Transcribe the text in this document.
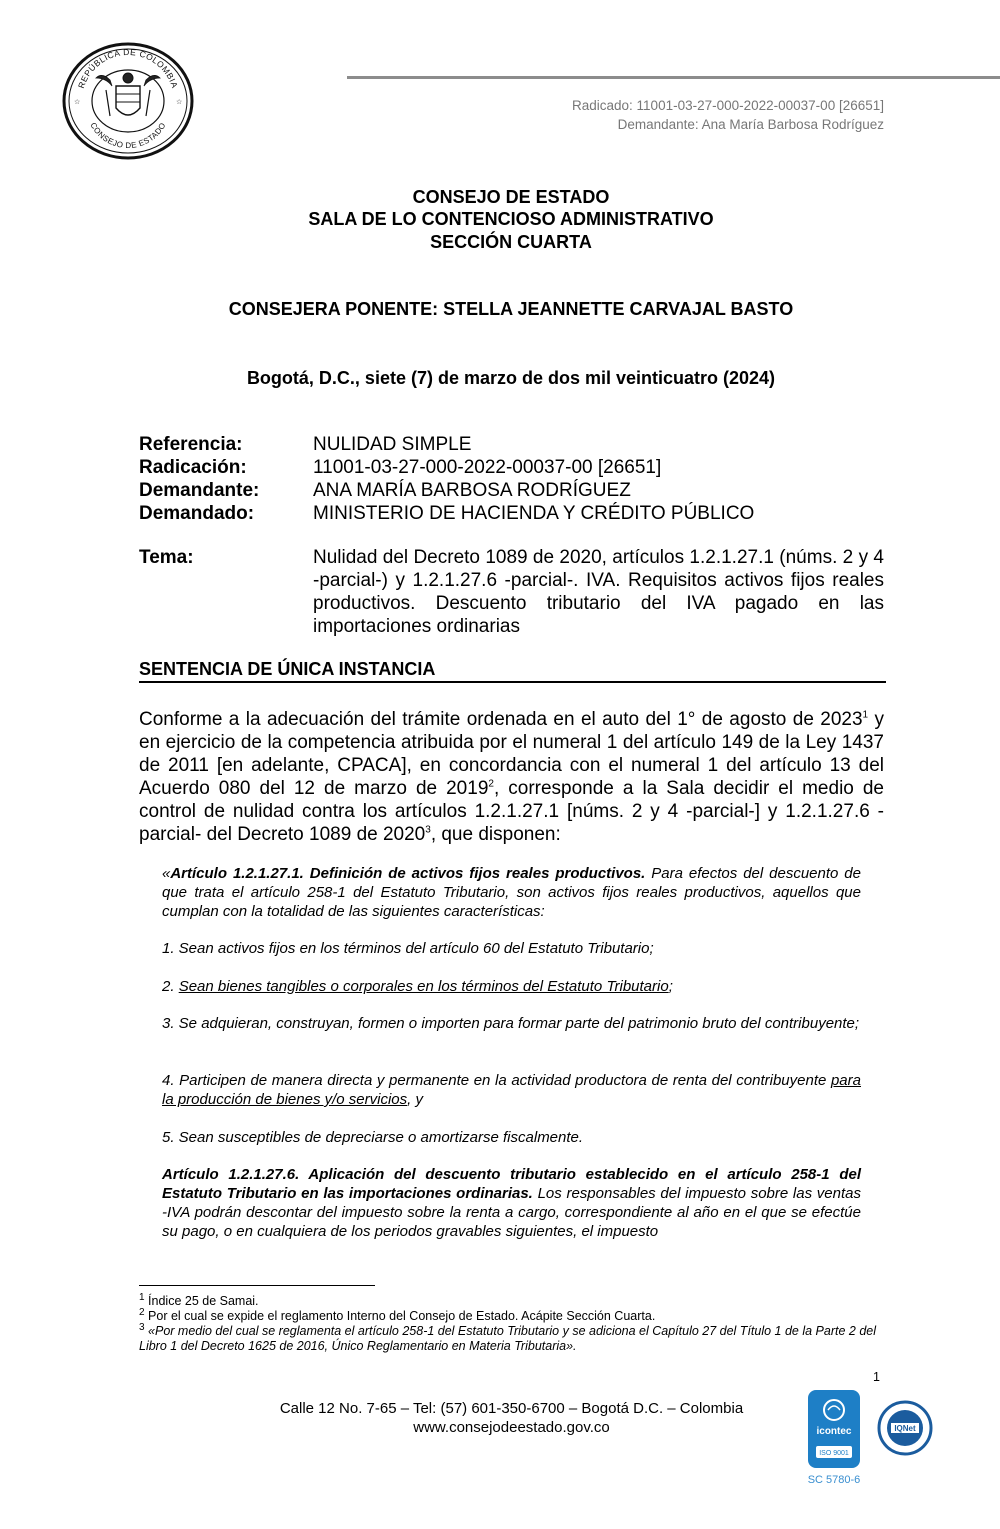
REPÚBLICA DE COLOMBIA
CONSEJO DE ESTADO
☆	☆	Radicado: 11001-03-27-000-2022-00037-00 [26651]
Demandante: Ana María Barbosa Rodríguez
CONSEJO DE ESTADO
SALA DE LO CONTENCIOSO ADMINISTRATIVO
SECCIÓN CUARTA
CONSEJERA PONENTE: STELLA JEANNETTE CARVAJAL BASTO
Bogotá, D.C., siete (7) de marzo de dos mil veinticuatro (2024)
Referencia:	NULIDAD SIMPLE
Radicación:	11001-03-27-000-2022-00037-00 [26651]
Demandante:	ANA MARÍA BARBOSA RODRÍGUEZ
Demandado:	MINISTERIO DE HACIENDA Y CRÉDITO PÚBLICO
Tema:	Nulidad del Decreto 1089 de 2020, artículos 1.2.1.27.1 (núms. 2 y 4 -parcial-) y 1.2.1.27.6 -parcial-. IVA. Requisitos activos fijos reales productivos. Descuento tributario del IVA pagado en las importaciones ordinarias
SENTENCIA DE ÚNICA INSTANCIA
Conforme a la adecuación del trámite ordenada en el auto del 1° de agosto de 2023$^1$ y en ejercicio de la competencia atribuida por el numeral 1 del artículo 149 de la Ley 1437 de 2011 [en adelante, CPACA], en concordancia con el numeral 1 del artículo 13 del Acuerdo 080 del 12 de marzo de 2019$^2$, corresponde a la Sala decidir el medio de control de nulidad contra los artículos 1.2.1.27.1 [núms. 2 y 4 -parcial-] y 1.2.1.27.6 -parcial- del Decreto 1089 de 2020$^3$, que disponen:
«Artículo 1.2.1.27.1. Definición de activos fijos reales productivos. Para efectos del descuento de que trata el artículo 258-1 del Estatuto Tributario, son activos fijos reales productivos, aquellos que cumplan con la totalidad de las siguientes características:
1. Sean activos fijos en los términos del artículo 60 del Estatuto Tributario;
2. Sean bienes tangibles o corporales en los términos del Estatuto Tributario;
3. Se adquieran, construyan, formen o importen para formar parte del patrimonio bruto del contribuyente;
4. Participen de manera directa y permanente en la actividad productora de renta del contribuyente para la producción de bienes y/o servicios, y
5. Sean susceptibles de depreciarse o amortizarse fiscalmente.
Artículo 1.2.1.27.6. Aplicación del descuento tributario establecido en el artículo 258-1 del Estatuto Tributario en las importaciones ordinarias. Los responsables del impuesto sobre las ventas -IVA podrán descontar del impuesto sobre la renta a cargo, correspondiente al año en el que se efectúe su pago, o en cualquiera de los periodos gravables siguientes, el impuesto
$^1$ Índice 25 de Samai.
$^2$ Por el cual se expide el reglamento Interno del Consejo de Estado. Acápite Sección Cuarta.
$^3$ «Por medio del cual se reglamenta el artículo 258-1 del Estatuto Tributario y se adiciona el Capítulo 27 del Título 1 de la Parte 2 del Libro 1 del Decreto 1625 de 2016, Único Reglamentario en Materia Tributaria».
1
Calle 12 No. 7-65 – Tel: (57) 601-350-6700 – Bogotá D.C. – Colombia
www.consejodeestado.gov.co	icontec
ISO 9001
IQNet
SC 5780-6
